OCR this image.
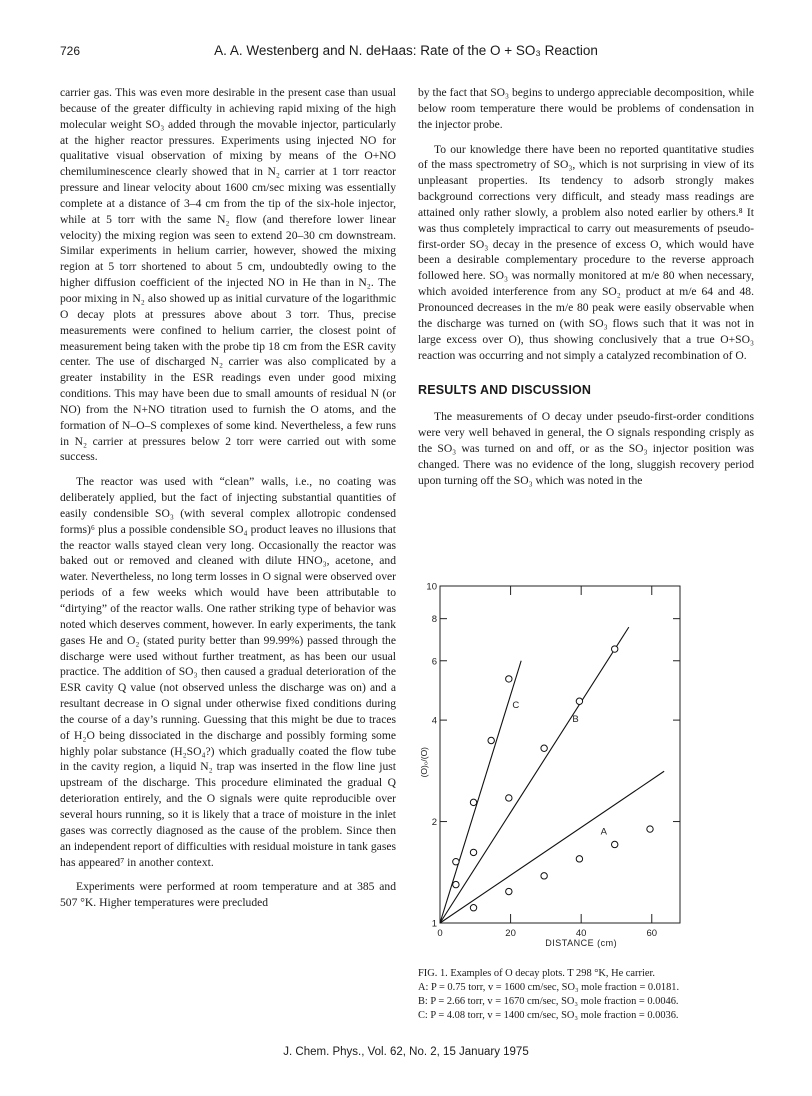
726	A. A. Westenberg and N. deHaas: Rate of the O + SO₃ Reaction

carrier gas. This was even more desirable in the present case than usual because of the greater difficulty in achieving rapid mixing of the high molecular weight SO₃ added through the movable injector, particularly at the higher reactor pressures. Experiments using injected NO for qualitative visual observation of mixing by means of the O+NO chemiluminescence clearly showed that in N₂ carrier at 1 torr reactor pressure and linear velocity about 1600 cm/sec mixing was essentially complete at a distance of 3–4 cm from the tip of the six-hole injector, while at 5 torr with the same N₂ flow (and therefore lower linear velocity) the mixing region was seen to extend 20–30 cm downstream. Similar experiments in helium carrier, however, showed the mixing region at 5 torr shortened to about 5 cm, undoubtedly owing to the higher diffusion coefficient of the injected NO in He than in N₂. The poor mixing in N₂ also showed up as initial curvature of the logarithmic O decay plots at pressures above about 3 torr. Thus, precise measurements were confined to helium carrier, the closest point of measurement being taken with the probe tip 18 cm from the ESR cavity center. The use of discharged N₂ carrier was also complicated by a greater instability in the ESR readings even under good mixing conditions. This may have been due to small amounts of residual N (or NO) from the N+NO titration used to furnish the O atoms, and the formation of N–O–S complexes of some kind. Nevertheless, a few runs in N₂ carrier at pressures below 2 torr were carried out with some success.

The reactor was used with “clean” walls, i.e., no coating was deliberately applied, but the fact of injecting substantial quantities of easily condensible SO₃ (with several complex allotropic condensed forms)⁶ plus a possible condensible SO₄ product leaves no illusions that the reactor walls stayed clean very long. Occasionally the reactor was baked out or removed and cleaned with dilute HNO₃, acetone, and water. Nevertheless, no long term losses in O signal were observed over periods of a few weeks which would have been attributable to “dirtying” of the reactor walls. One rather striking type of behavior was noted which deserves comment, however. In early experiments, the tank gases He and O₂ (stated purity better than 99.99%) passed through the discharge were used without further treatment, as has been our usual practice. The addition of SO₃ then caused a gradual deterioration of the ESR cavity Q value (not observed unless the discharge was on) and a resultant decrease in O signal under otherwise fixed conditions during the course of a day’s running. Guessing that this might be due to traces of H₂O being dissociated in the discharge and possibly forming some highly polar substance (H₂SO₄?) which gradually coated the flow tube in the cavity region, a liquid N₂ trap was inserted in the flow line just upstream of the discharge. This procedure eliminated the gradual Q deterioration entirely, and the O signals were quite reproducible over several hours running, so it is likely that a trace of moisture in the inlet gases was correctly diagnosed as the cause of the problem. Since then an independent report of difficulties with residual moisture in tank gases has appeared⁷ in another context.

Experiments were performed at room temperature and at 385 and 507 °K. Higher temperatures were precluded

by the fact that SO₃ begins to undergo appreciable decomposition, while below room temperature there would be problems of condensation in the injector probe.

To our knowledge there have been no reported quantitative studies of the mass spectrometry of SO₃, which is not surprising in view of its unpleasant properties. Its tendency to adsorb strongly makes background corrections very difficult, and steady mass readings are attained only rather slowly, a problem also noted earlier by others.⁸ It was thus completely impractical to carry out measurements of pseudo-first-order SO₃ decay in the presence of excess O, which would have been a desirable complementary procedure to the reverse approach followed here. SO₃ was normally monitored at m/e 80 when necessary, which avoided interference from any SO₂ product at m/e 64 and 48. Pronounced decreases in the m/e 80 peak were easily observable when the discharge was turned on (with SO₃ flows such that it was not in large excess over O), thus showing conclusively that a true O+SO₃ reaction was occurring and not simply a catalyzed recombination of O.

RESULTS AND DISCUSSION

The measurements of O decay under pseudo-first-order conditions were very well behaved in general, the O signals responding crisply as the SO₃ was turned on and off, or as the SO₃ injector position was changed. There was no evidence of the long, sluggish recovery period upon turning off the SO₃ which was noted in the

0	20	40	60
1
2
4
6
8
10
DISTANCE (cm)
(O)₀/(O)
A
B
C
FIG. 1. Examples of O decay plots. T 298 °K, He carrier.
A: P = 0.75 torr, v = 1600 cm/sec, SO₃ mole fraction = 0.0181.
B: P = 2.66 torr, v = 1670 cm/sec, SO₃ mole fraction = 0.0046.
C: P = 4.08 torr, v = 1400 cm/sec, SO₃ mole fraction = 0.0036.
J. Chem. Phys., Vol. 62, No. 2, 15 January 1975
